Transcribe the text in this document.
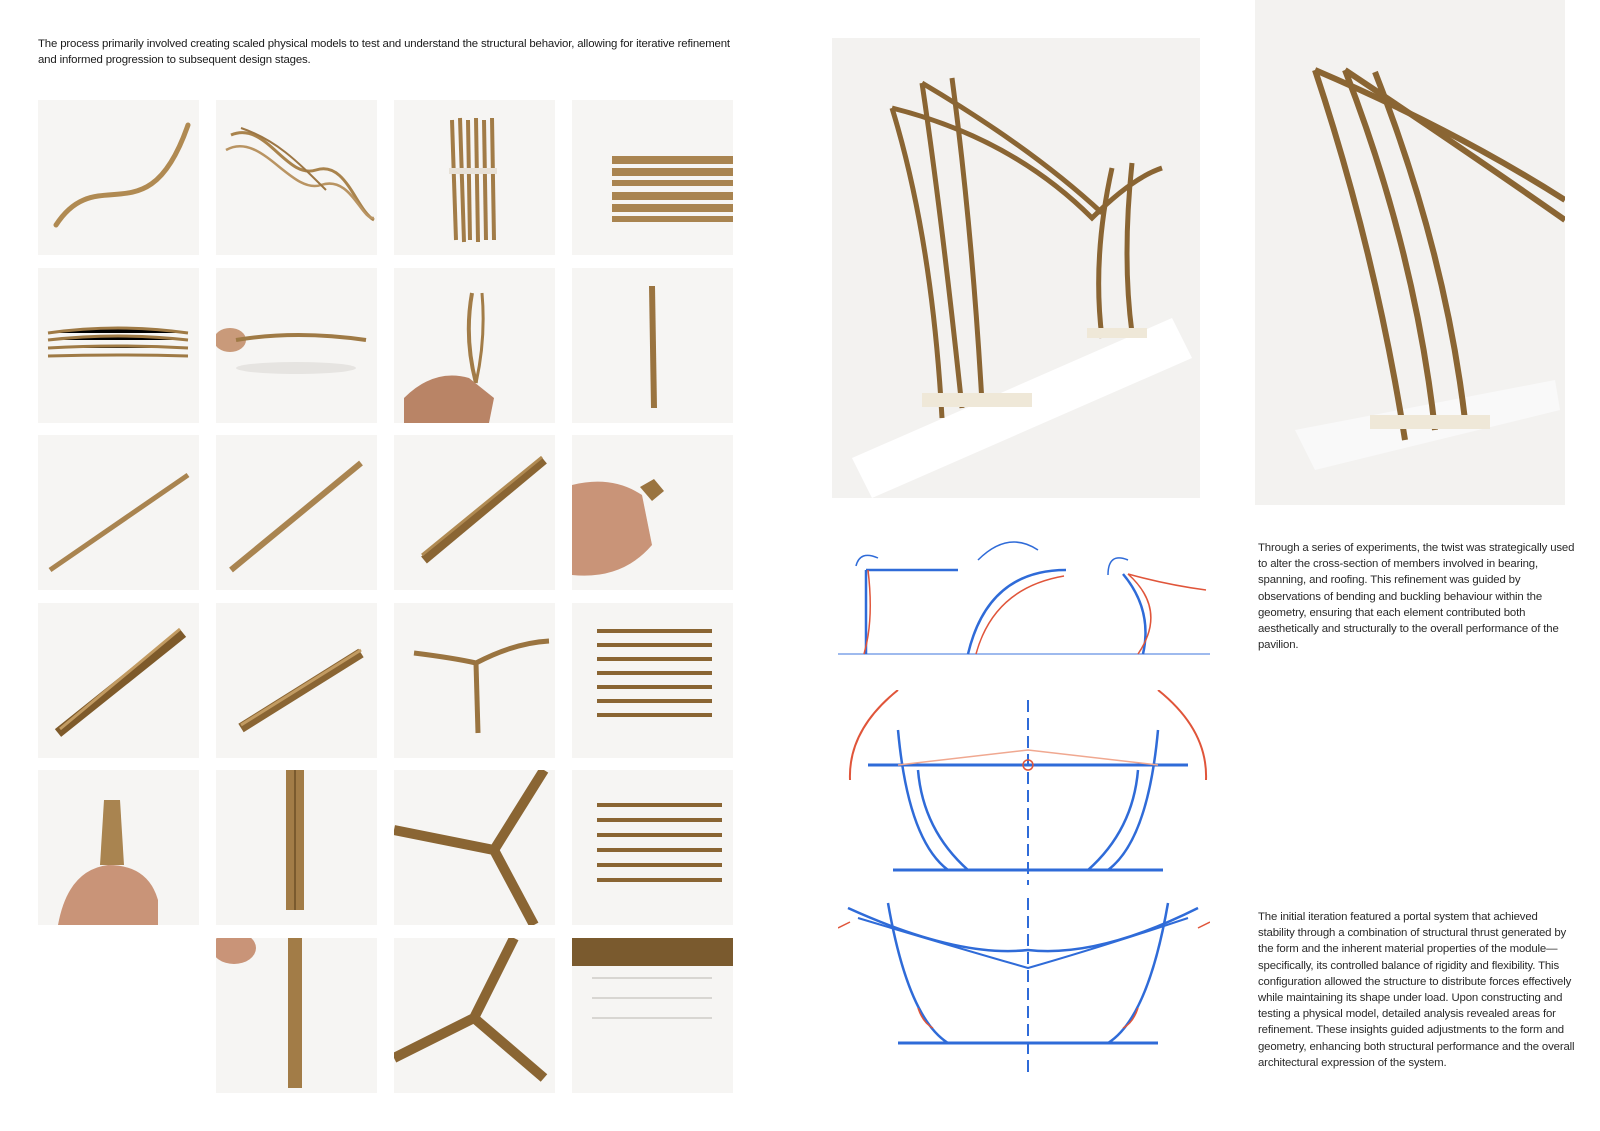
The process primarily involved creating scaled physical models to test and understand the structural behavior, allowing for iterative refinement and informed progression to subsequent design stages.

Through a series of experiments, the twist was strategically used to alter the cross-section of members involved in bearing, spanning, and roofing. This refinement was guided by observations of bending and buckling behaviour within the geometry, ensuring that each element contributed both aesthetically and structurally to the overall performance of the pavilion.

The initial iteration featured a portal system that achieved stability through a combination of structural thrust generated by the form and the inherent material properties of the module—specifically, its controlled balance of rigidity and flexibility. This configuration allowed the structure to distribute forces effectively while maintaining its shape under load. Upon constructing and testing a physical model, detailed analysis revealed areas for refinement. These insights guided adjustments to the form and geometry, enhancing both structural performance and the overall architectural expression of the system.
